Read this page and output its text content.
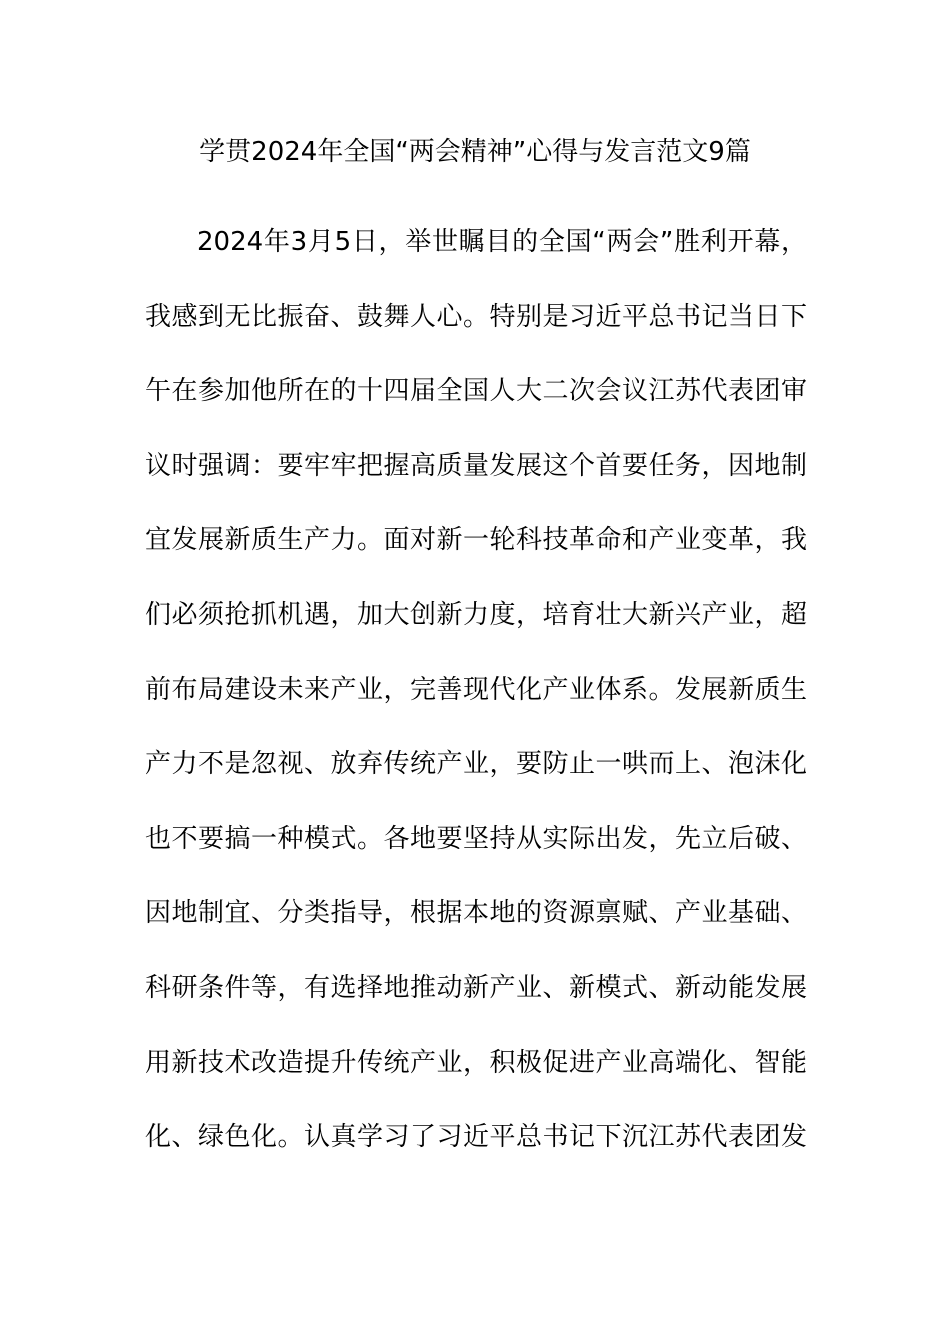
学贯2024年全国“两会精神”心得与发言范文9篇
2024年3月5日，举世瞩目的全国“两会”胜利开幕，
我感到无比振奋、鼓舞人心。特别是习近平总书记当日下
午在参加他所在的十四届全国人大二次会议江苏代表团审
议时强调：要牢牢把握高质量发展这个首要任务，因地制
宜发展新质生产力。面对新一轮科技革命和产业变革，我
们必须抢抓机遇，加大创新力度，培育壮大新兴产业，超
前布局建设未来产业，完善现代化产业体系。发展新质生
产力不是忽视、放弃传统产业，要防止一哄而上、泡沫化
也不要搞一种模式。各地要坚持从实际出发，先立后破、
因地制宜、分类指导，根据本地的资源禀赋、产业基础、
科研条件等，有选择地推动新产业、新模式、新动能发展
用新技术改造提升传统产业，积极促进产业高端化、智能
化、绿色化。认真学习了习近平总书记下沉江苏代表团发
